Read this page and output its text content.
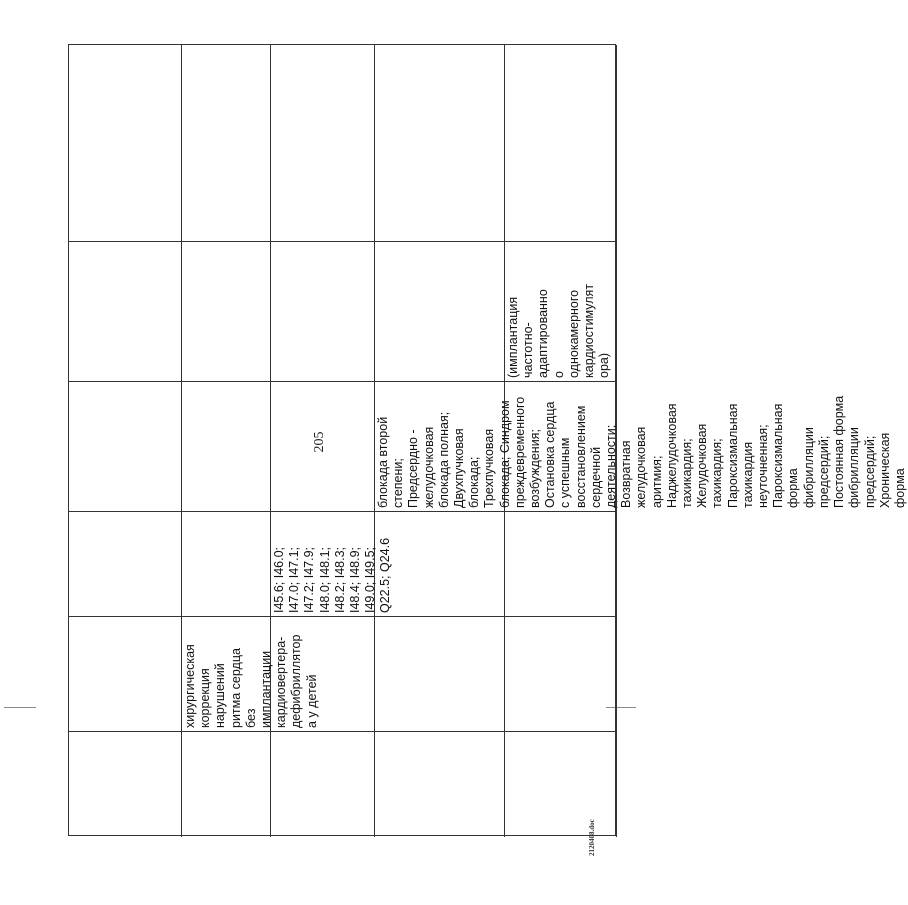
205
2120408.doc
хирургическая
коррекция
нарушений
ритма сердца
без
имплантации
кардиовертера-
дефибриллятор
а у детей
I45.6; I46.0;
I47.0; I47.1;
I47.2; I47.9;
I48.0; I48.1;
I48.2; I48.3;
I48.4; I48.9;
I49.0; I49.5;
Q22.5; Q24.6
блокада второй
степени;
Предсердно -
желудочковая
блокада полная;
Двухпучковая
блокада;
Трехпучковая
блокада; Синдром
преждевременного
возбуждения;
Остановка сердца
с успешным
восстановлением
сердечной
деятельности;
Возвратная
желудочковая
аритмия;
Наджелудочковая
тахикардия;
Желудочковая
тахикардия;
Пароксизмальная
тахикардия
неуточненная;
Пароксизмальная
форма
фибрилляции
предсердий;
Постоянная форма
фибрилляции
предсердий;
Хроническая
форма
(имплантация
частотно-
адаптированно
о
однокамерного
кардиостимулят
ора)
